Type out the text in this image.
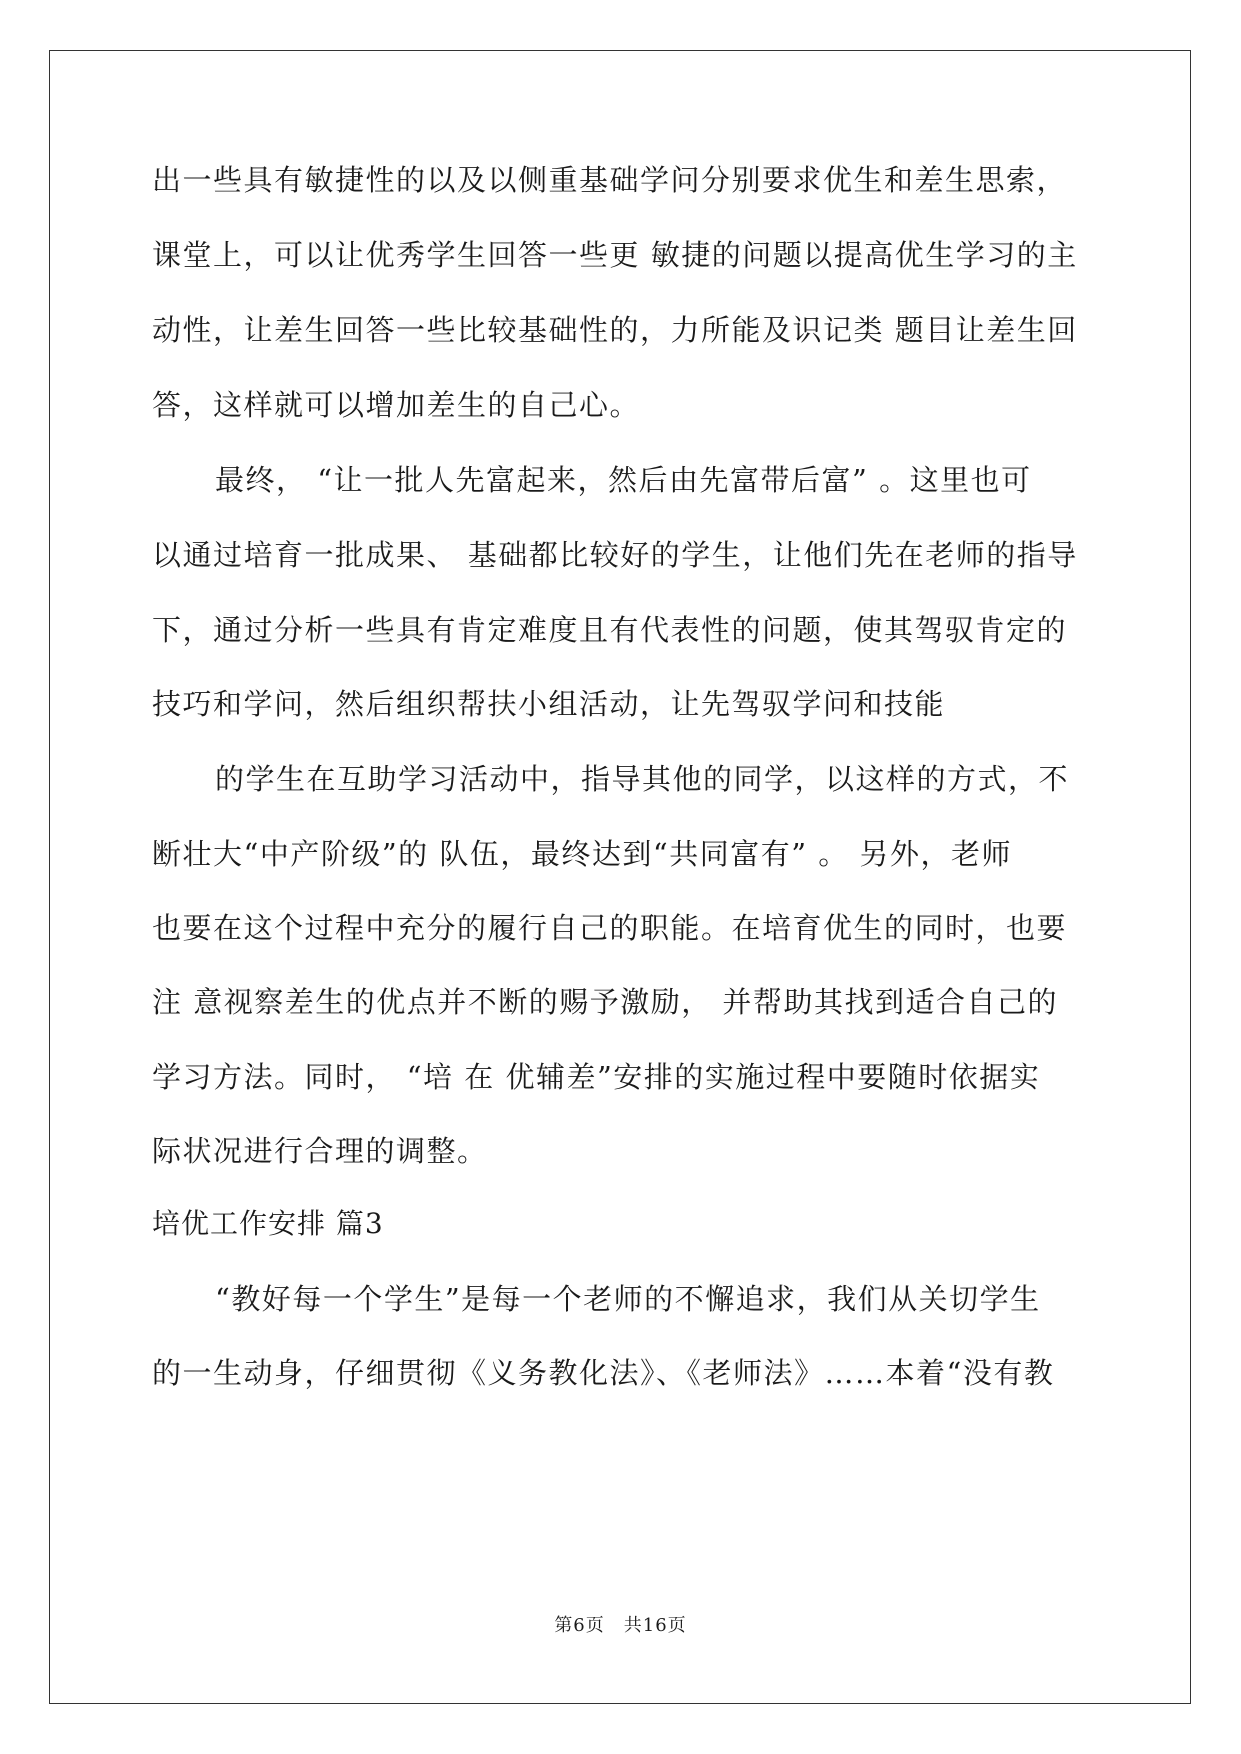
出一些具有敏捷性的以及以侧重基础学问分别要求优生和差生思索，
课堂上，可以让优秀学生回答一些更 敏捷的问题以提高优生学习的主
动性，让差生回答一些比较基础性的，力所能及识记类 题目让差生回
答，这样就可以增加差生的自己心。
最终， “让一批人先富起来，然后由先富带后富” 。这里也可
以通过培育一批成果、 基础都比较好的学生，让他们先在老师的指导
下，通过分析一些具有肯定难度且有代表性的问题，使其驾驭肯定的
技巧和学问，然后组织帮扶小组活动，让先驾驭学问和技能
的学生在互助学习活动中，指导其他的同学，以这样的方式，不
断壮大“中产阶级”的 队伍，最终达到“共同富有” 。 另外，老师
也要在这个过程中充分的履行自己的职能。在培育优生的同时，也要
注 意视察差生的优点并不断的赐予激励， 并帮助其找到适合自己的
学习方法。同时， “培 在 优辅差”安排的实施过程中要随时依据实
际状况进行合理的调整。
培优工作安排 篇3
“教好每一个学生”是每一个老师的不懈追求，我们从关切学生
的一生动身，仔细贯彻《义务教化法》、《老师法》……本着“没有教
第6页　共16页
